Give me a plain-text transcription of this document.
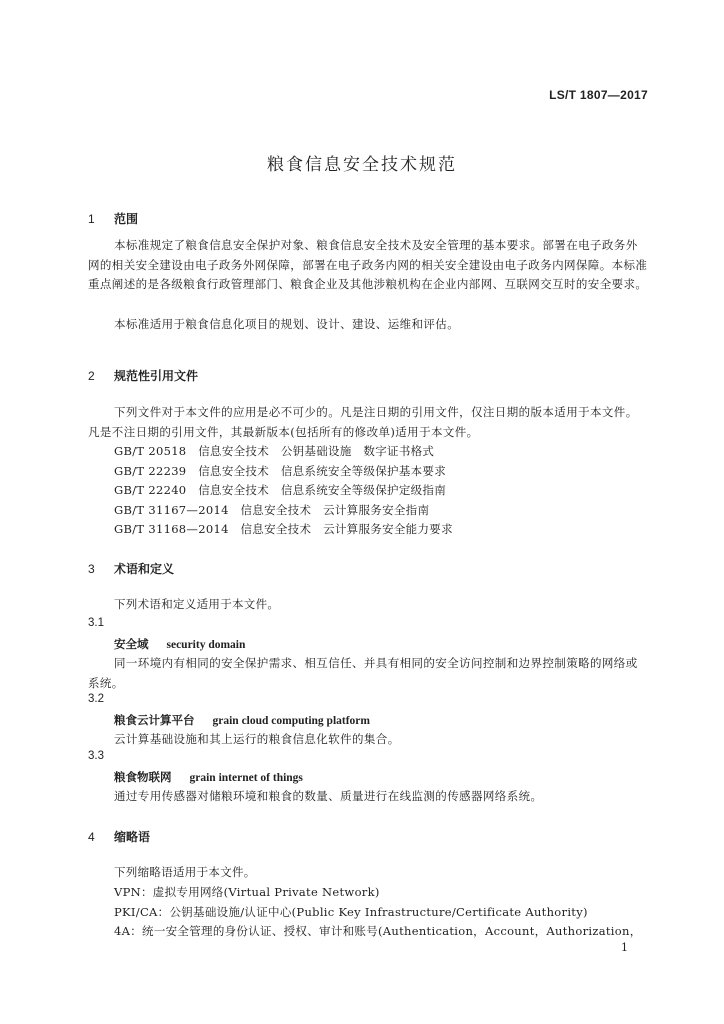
LS/T 1807—2017
粮食信息安全技术规范
1 范围
本标准规定了粮食信息安全保护对象、粮食信息安全技术及安全管理的基本要求。部署在电子政务外网的相关安全建设由电子政务外网保障，部署在电子政务内网的相关安全建设由电子政务内网保障。本标准重点阐述的是各级粮食行政管理部门、粮食企业及其他涉粮机构在企业内部网、互联网交互时的安全要求。
本标准适用于粮食信息化项目的规划、设计、建设、运维和评估。
2 规范性引用文件
下列文件对于本文件的应用是必不可少的。凡是注日期的引用文件，仅注日期的版本适用于本文件。凡是不注日期的引用文件，其最新版本(包括所有的修改单)适用于本文件。
GB/T 20518　信息安全技术　公钥基础设施　数字证书格式
GB/T 22239　信息安全技术　信息系统安全等级保护基本要求
GB/T 22240　信息安全技术　信息系统安全等级保护定级指南
GB/T 31167—2014　信息安全技术　云计算服务安全指南
GB/T 31168—2014　信息安全技术　云计算服务安全能力要求
3 术语和定义
下列术语和定义适用于本文件。
3.1
安全域 security domain
同一环境内有相同的安全保护需求、相互信任、并具有相同的安全访问控制和边界控制策略的网络或系统。
3.2
粮食云计算平台 grain cloud computing platform
云计算基础设施和其上运行的粮食信息化软件的集合。
3.3
粮食物联网 grain internet of things
通过专用传感器对储粮环境和粮食的数量、质量进行在线监测的传感器网络系统。
4 缩略语
下列缩略语适用于本文件。
VPN：虚拟专用网络(Virtual Private Network)
PKI/CA：公钥基础设施/认证中心(Public Key Infrastructure/Certificate Authority)
4A：统一安全管理的身份认证、授权、审计和账号(Authentication，Account，Authorization，
1
